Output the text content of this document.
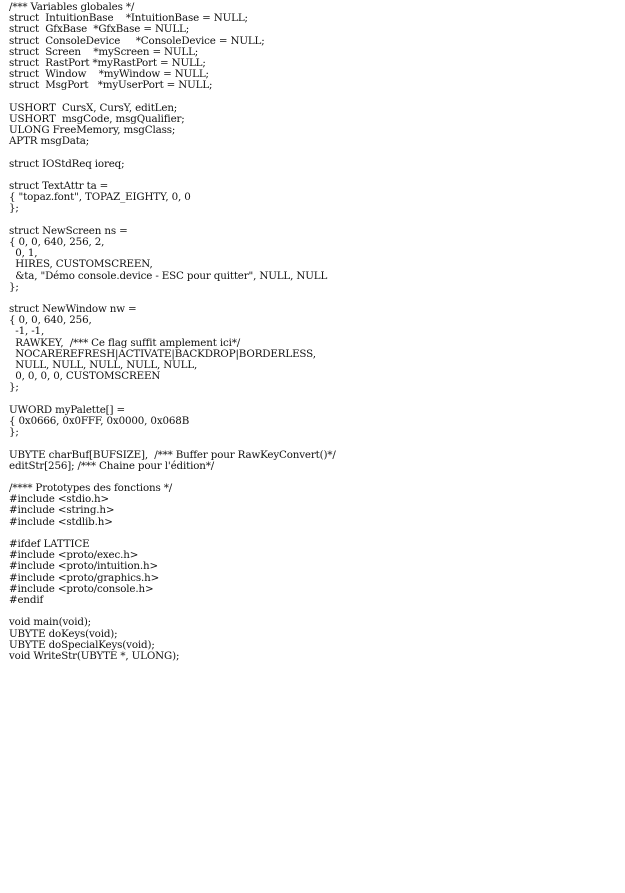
/*** Variables globales */
struct  IntuitionBase    *IntuitionBase = NULL;
struct  GfxBase  *GfxBase = NULL;
struct  ConsoleDevice     *ConsoleDevice = NULL;
struct  Screen    *myScreen = NULL;
struct  RastPort *myRastPort = NULL;
struct  Window    *myWindow = NULL;
struct  MsgPort   *myUserPort = NULL;
USHORT  CursX, CursY, editLen;
USHORT  msgCode, msgQualifier;
ULONG FreeMemory, msgClass;
APTR msgData;
struct IOStdReq ioreq;
struct TextAttr ta =
{ "topaz.font", TOPAZ_EIGHTY, 0, 0
};
struct NewScreen ns =
{ 0, 0, 640, 256, 2,
0, 1,
HIRES, CUSTOMSCREEN,
&ta, "Démo console.device - ESC pour quitter", NULL, NULL
};
struct NewWindow nw =
{ 0, 0, 640, 256,
-1, -1,
RAWKEY,  /*** Ce flag suffit amplement ici*/
NOCAREREFRESH|ACTIVATE|BACKDROP|BORDERLESS,
NULL, NULL, NULL, NULL, NULL,
0, 0, 0, 0, CUSTOMSCREEN
};
UWORD myPalette[] =
{ 0x0666, 0x0FFF, 0x0000, 0x068B
};
UBYTE charBuf[BUFSIZE],  /*** Buffer pour RawKeyConvert()*/
editStr[256]; /*** Chaine pour l'édition*/
/**** Prototypes des fonctions */
#include <stdio.h>
#include <string.h>
#include <stdlib.h>
#ifdef LATTICE
#include <proto/exec.h>
#include <proto/intuition.h>
#include <proto/graphics.h>
#include <proto/console.h>
#endif
void main(void);
UBYTE doKeys(void);
UBYTE doSpecialKeys(void);
void WriteStr(UBYTE *, ULONG);
